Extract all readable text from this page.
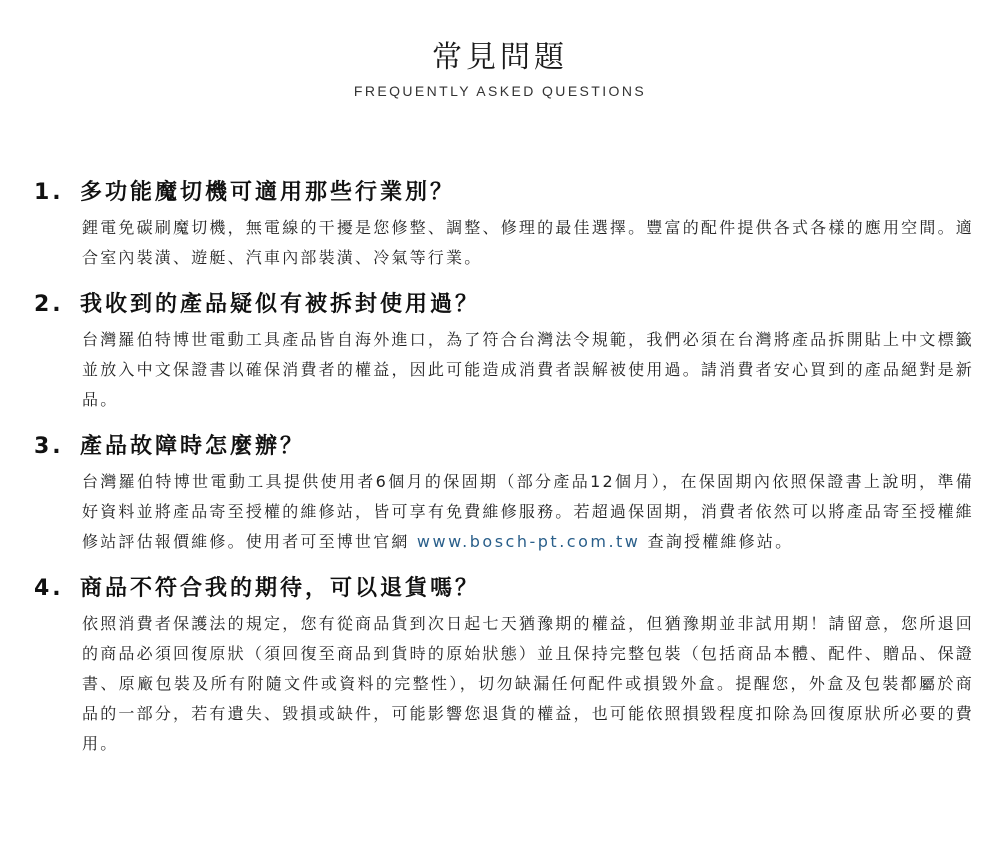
常見問題
FREQUENTLY ASKED QUESTIONS
1. 多功能魔切機可適用那些行業別？

鋰電免碳刷魔切機，無電線的干擾是您修整、調整、修理的最佳選擇。豐富的配件提供各式各樣的應用空間。適合室內裝潢、遊艇、汽車內部裝潢、冷氣等行業。

2. 我收到的產品疑似有被拆封使用過？

台灣羅伯特博世電動工具產品皆自海外進口，為了符合台灣法令規範，我們必須在台灣將產品拆開貼上中文標籤並放入中文保證書以確保消費者的權益，因此可能造成消費者誤解被使用過。請消費者安心買到的產品絕對是新品。

3. 產品故障時怎麼辦？

台灣羅伯特博世電動工具提供使用者6個月的保固期（部分產品12個月），在保固期內依照保證書上說明，準備好資料並將產品寄至授權的維修站，皆可享有免費維修服務。若超過保固期，消費者依然可以將產品寄至授權維修站評估報價維修。使用者可至博世官網 www.bosch-pt.com.tw 查詢授權維修站。

4. 商品不符合我的期待，可以退貨嗎？

依照消費者保護法的規定，您有從商品貨到次日起七天猶豫期的權益，但猶豫期並非試用期！請留意，您所退回的商品必須回復原狀（須回復至商品到貨時的原始狀態）並且保持完整包裝（包括商品本體、配件、贈品、保證書、原廠包裝及所有附隨文件或資料的完整性），切勿缺漏任何配件或損毀外盒。提醒您，外盒及包裝都屬於商品的一部分，若有遺失、毀損或缺件，可能影響您退貨的權益，也可能依照損毀程度扣除為回復原狀所必要的費用。
